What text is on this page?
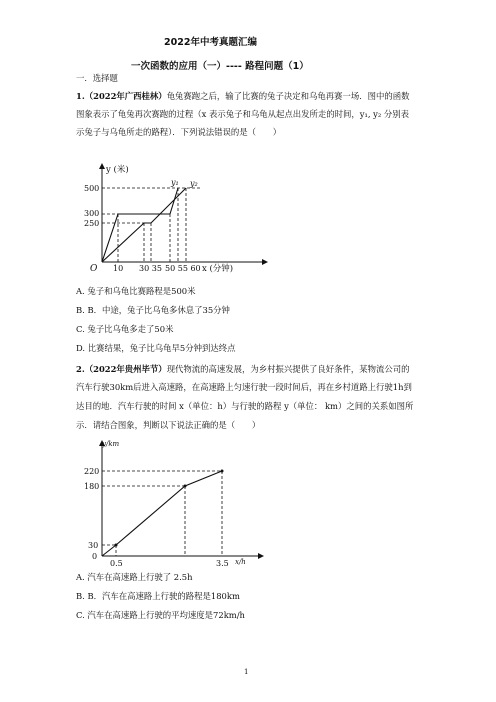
2022年中考真题汇编
一次函数的应用（一）---- 路程问题（1）
一．选择题
1.（2022年广西桂林）龟兔赛跑之后，输了比赛的兔子决定和乌龟再赛一场．图中的函数
图象表示了龟兔再次赛跑的过程（x 表示兔子和乌龟从起点出发所走的时间，y₁, y₂ 分别表
示兔子与乌龟所走的路程）．下列说法错误的是（　　）
y (米)
O
500
300
250
10 30 35 50 55 60 x (分钟)
y₁ y₂
A. 兔子和乌龟比赛路程是500米
B. B．中途，兔子比乌龟多休息了35分钟
C. 兔子比乌龟多走了50米
D. 比赛结果，兔子比乌龟早5分钟到达终点
2.（2022年贵州毕节）现代物流的高速发展，为乡村振兴提供了良好条件，某物流公司的
汽车行驶30km后进入高速路，在高速路上匀速行驶一段时间后，再在乡村道路上行驶1h到
达目的地．汽车行驶的时间 x（单位：h）与行驶的路程 y（单位： km）之间的关系如图所
示．请结合图象，判断以下说法正确的是（　　）
y/km
220
180
30
0
0.5	3.5 x/h
A. 汽车在高速路上行驶了 2.5h
B. B．汽车在高速路上行驶的路程是180km
C. 汽车在高速路上行驶的平均速度是72km/h
1
